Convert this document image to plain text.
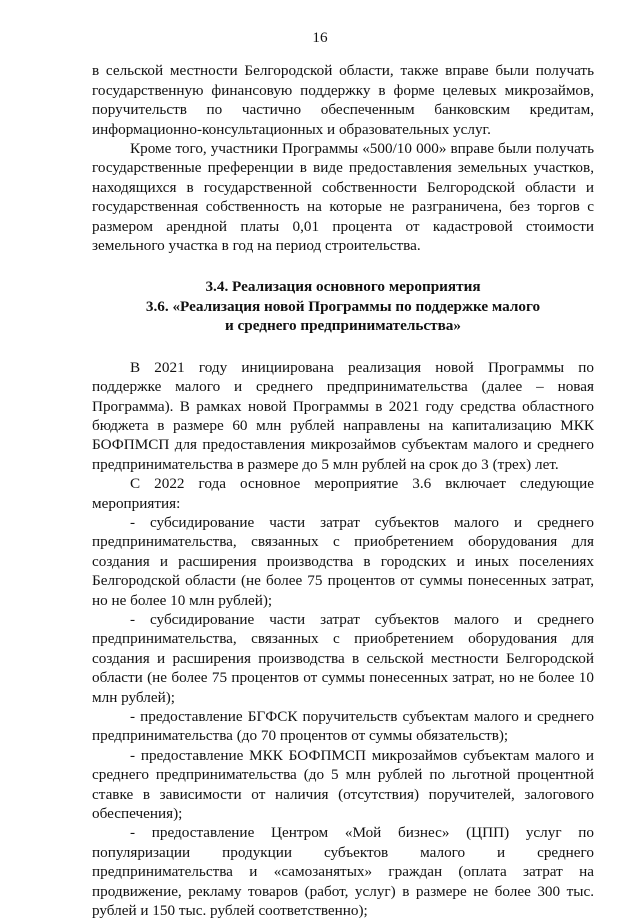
16

в сельской местности Белгородской области, также вправе были получать государственную финансовую поддержку в форме целевых микрозаймов, поручительств по частично обеспеченным банковским кредитам, информационно-консультационных и образовательных услуг.

Кроме того, участники Программы «500/10 000» вправе были получать государственные преференции в виде предоставления земельных участков, находящихся в государственной собственности Белгородской области и государственная собственность на которые не разграничена, без торгов с размером арендной платы 0,01 процента от кадастровой стоимости земельного участка в год на период строительства.

3.4. Реализация основного мероприятия
3.6. «Реализация новой Программы по поддержке малого
и среднего предпринимательства»

В 2021 году инициирована реализация новой Программы по поддержке малого и среднего предпринимательства (далее – новая Программа). В рамках новой Программы в 2021 году средства областного бюджета в размере 60 млн рублей направлены на капитализацию МКК БОФПМСП для предоставления микрозаймов субъектам малого и среднего предпринимательства в размере до 5 млн рублей на срок до 3 (трех) лет.

С 2022 года основное мероприятие 3.6 включает следующие мероприятия:

- субсидирование части затрат субъектов малого и среднего предпринимательства, связанных с приобретением оборудования для создания и расширения производства в городских и иных поселениях Белгородской области (не более 75 процентов от суммы понесенных затрат, но не более 10 млн рублей);

- субсидирование части затрат субъектов малого и среднего предпринимательства, связанных с приобретением оборудования для создания и расширения производства в сельской местности Белгородской области (не более 75 процентов от суммы понесенных затрат, но не более 10 млн рублей);

- предоставление БГФСК поручительств субъектам малого и среднего предпринимательства (до 70 процентов от суммы обязательств);

- предоставление МКК БОФПМСП микрозаймов субъектам малого и среднего предпринимательства (до 5 млн рублей по льготной процентной ставке в зависимости от наличия (отсутствия) поручителей, залогового обеспечения);

- предоставление Центром «Мой бизнес» (ЦПП) услуг по популяризации продукции субъектов малого и среднего предпринимательства и «самозанятых» граждан (оплата затрат на продвижение, рекламу товаров (работ, услуг) в размере не более 300 тыс. рублей и 150 тыс. рублей соответственно);
